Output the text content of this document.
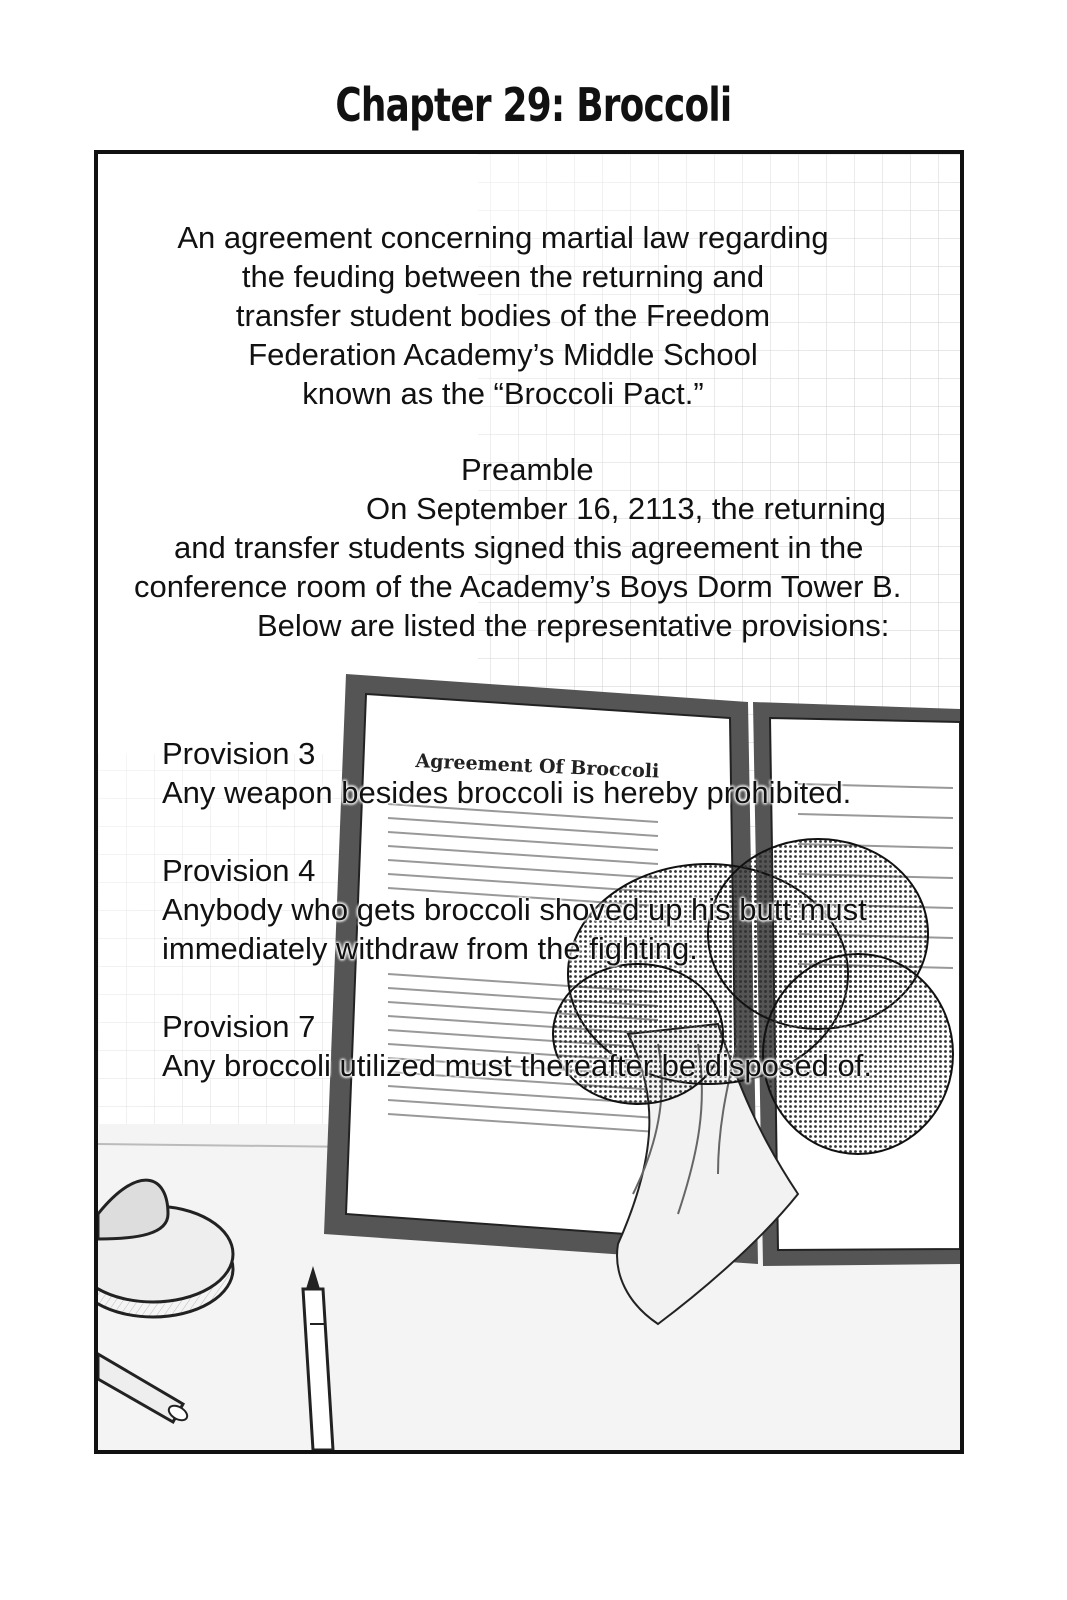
Chapter 29: Broccoli
Agreement Of Broccoli
An agreement concerning martial law regarding
the feuding between the returning and
transfer student bodies of the Freedom
Federation Academy’s Middle School
known as the “Broccoli Pact.”
Preamble
On September 16, 2113, the returning
and transfer students signed this agreement in the
conference room of the Academy’s Boys Dorm Tower B.
Below are listed the representative provisions:
Provision 3
Any weapon besides broccoli is hereby prohibited.
Provision 4
Anybody who gets broccoli shoved up his butt must
immediately withdraw from the fighting.
Provision 7
Any broccoli utilized must thereafter be disposed of.
